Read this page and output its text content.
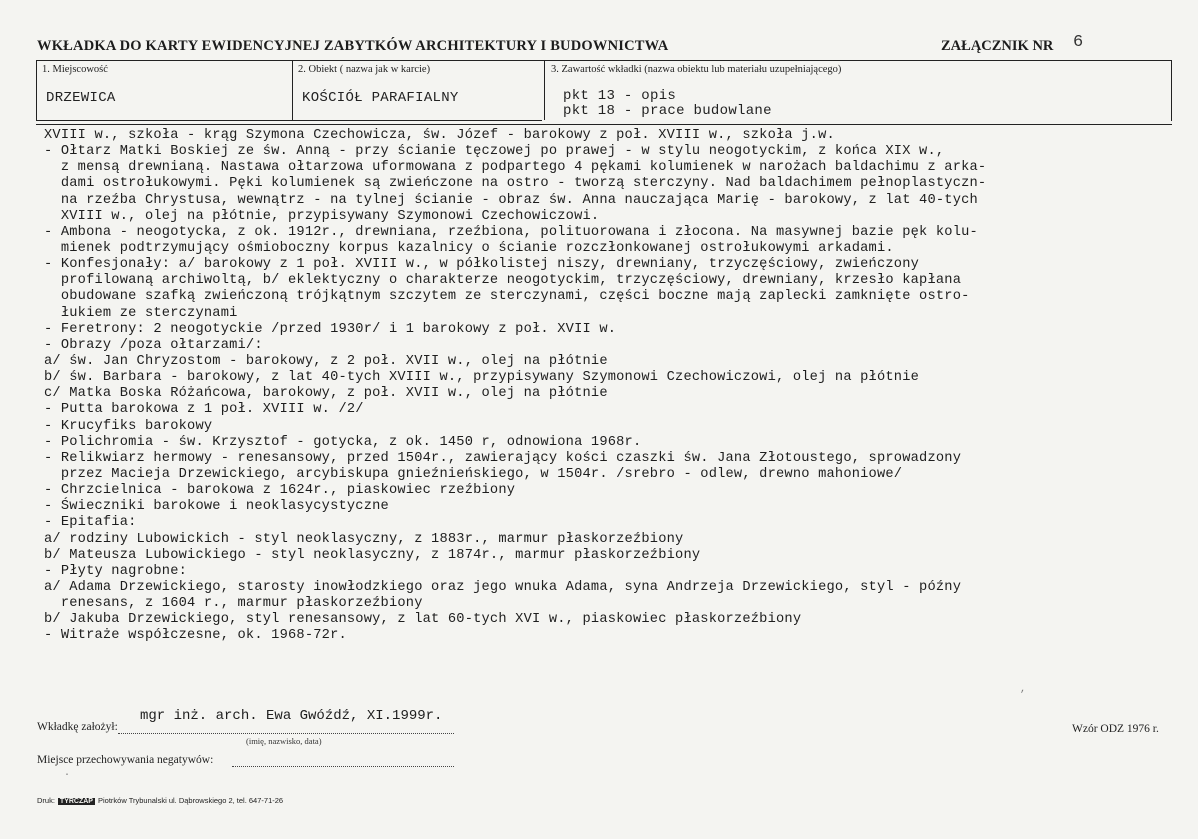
WKŁADKA DO KARTY EWIDENCYJNEJ ZABYTKÓW ARCHITEKTURY I BUDOWNICTWA	ZAŁĄCZNIK NR 6
1. Miejscowość
DRZEWICA
2. Obiekt ( nazwa jak w karcie)
KOŚCIÓŁ PARAFIALNY
3. Zawartość wkładki (nazwa obiektu lub materiału uzupełniającego)
pkt 13 - opis
pkt 18 - prace budowlane
XVIII w., szkoła - krąg Szymona Czechowicza, św. Józef - barokowy z poł. XVIII w., szkoła j.w.
- Ołtarz Matki Boskiej ze św. Anną - przy ścianie tęczowej po prawej - w stylu neogotyckim, z końca XIX w.,
z mensą drewnianą. Nastawa ołtarzowa uformowana z podpartego 4 pękami kolumienek w narożach baldachimu z arka-
dami ostrołukowymi. Pęki kolumienek są zwieńczone na ostro - tworzą sterczyny. Nad baldachimem pełnoplastyczn-
na rzeźba Chrystusa, wewnątrz - na tylnej ścianie - obraz św. Anna nauczająca Marię - barokowy, z lat 40-tych
XVIII w., olej na płótnie, przypisywany Szymonowi Czechowiczowi.
- Ambona - neogotycka, z ok. 1912r., drewniana, rzeźbiona, polituorowana i złocona. Na masywnej bazie pęk kolu-
mienek podtrzymujący ośmioboczny korpus kazalnicy o ścianie rozczłonkowanej ostrołukowymi arkadami.
- Konfesjonały: a/ barokowy z 1 poł. XVIII w., w półkolistej niszy, drewniany, trzyczęściowy, zwieńczony
profilowaną archiwoltą, b/ eklektyczny o charakterze neogotyckim, trzyczęściowy, drewniany, krzesło kapłana
obudowane szafką zwieńczoną trójkątnym szczytem ze sterczynami, części boczne mają zaplecki zamknięte ostro-
łukiem ze sterczynami
- Feretrony: 2 neogotyckie /przed 1930r/ i 1 barokowy z poł. XVII w.
- Obrazy /poza ołtarzami/:
a/ św. Jan Chryzostom - barokowy, z 2 poł. XVII w., olej na płótnie
b/ św. Barbara - barokowy, z lat 40-tych XVIII w., przypisywany Szymonowi Czechowiczowi, olej na płótnie
c/ Matka Boska Różańcowa, barokowy, z poł. XVII w., olej na płótnie
- Putta barokowa z 1 poł. XVIII w. /2/
- Krucyfiks barokowy
- Polichromia - św. Krzysztof - gotycka, z ok. 1450 r, odnowiona 1968r.
- Relikwiarz hermowy - renesansowy, przed 1504r., zawierający kości czaszki św. Jana Złotoustego, sprowadzony
przez Macieja Drzewickiego, arcybiskupa gnieźnieńskiego, w 1504r. /srebro - odlew, drewno mahoniowe/
- Chrzcielnica - barokowa z 1624r., piaskowiec rzeźbiony
- Świeczniki barokowe i neoklasycystyczne
- Epitafia:
a/ rodziny Lubowickich - styl neoklasyczny, z 1883r., marmur płaskorzeźbiony
b/ Mateusza Lubowickiego - styl neoklasyczny, z 1874r., marmur płaskorzeźbiony
- Płyty nagrobne:
a/ Adama Drzewickiego, starosty inowłodzkiego oraz jego wnuka Adama, syna Andrzeja Drzewickiego, styl - późny
renesans, z 1604 r., marmur płaskorzeźbiony
b/ Jakuba Drzewickiego, styl renesansowy, z lat 60-tych XVI w., piaskowiec płaskorzeźbiony
- Witraże współczesne, ok. 1968-72r.
Wkładkę założył:
mgr inż. arch. Ewa Gwóźdź, XI.1999r.
(imię, nazwisko, data)
Miejsce przechowywania negatywów:
Wzór ODZ 1976 r.
Druk: TYRCZAP Piotrków Trybunalski ul. Dąbrowskiego 2, tel. 647-71-26
,
.
